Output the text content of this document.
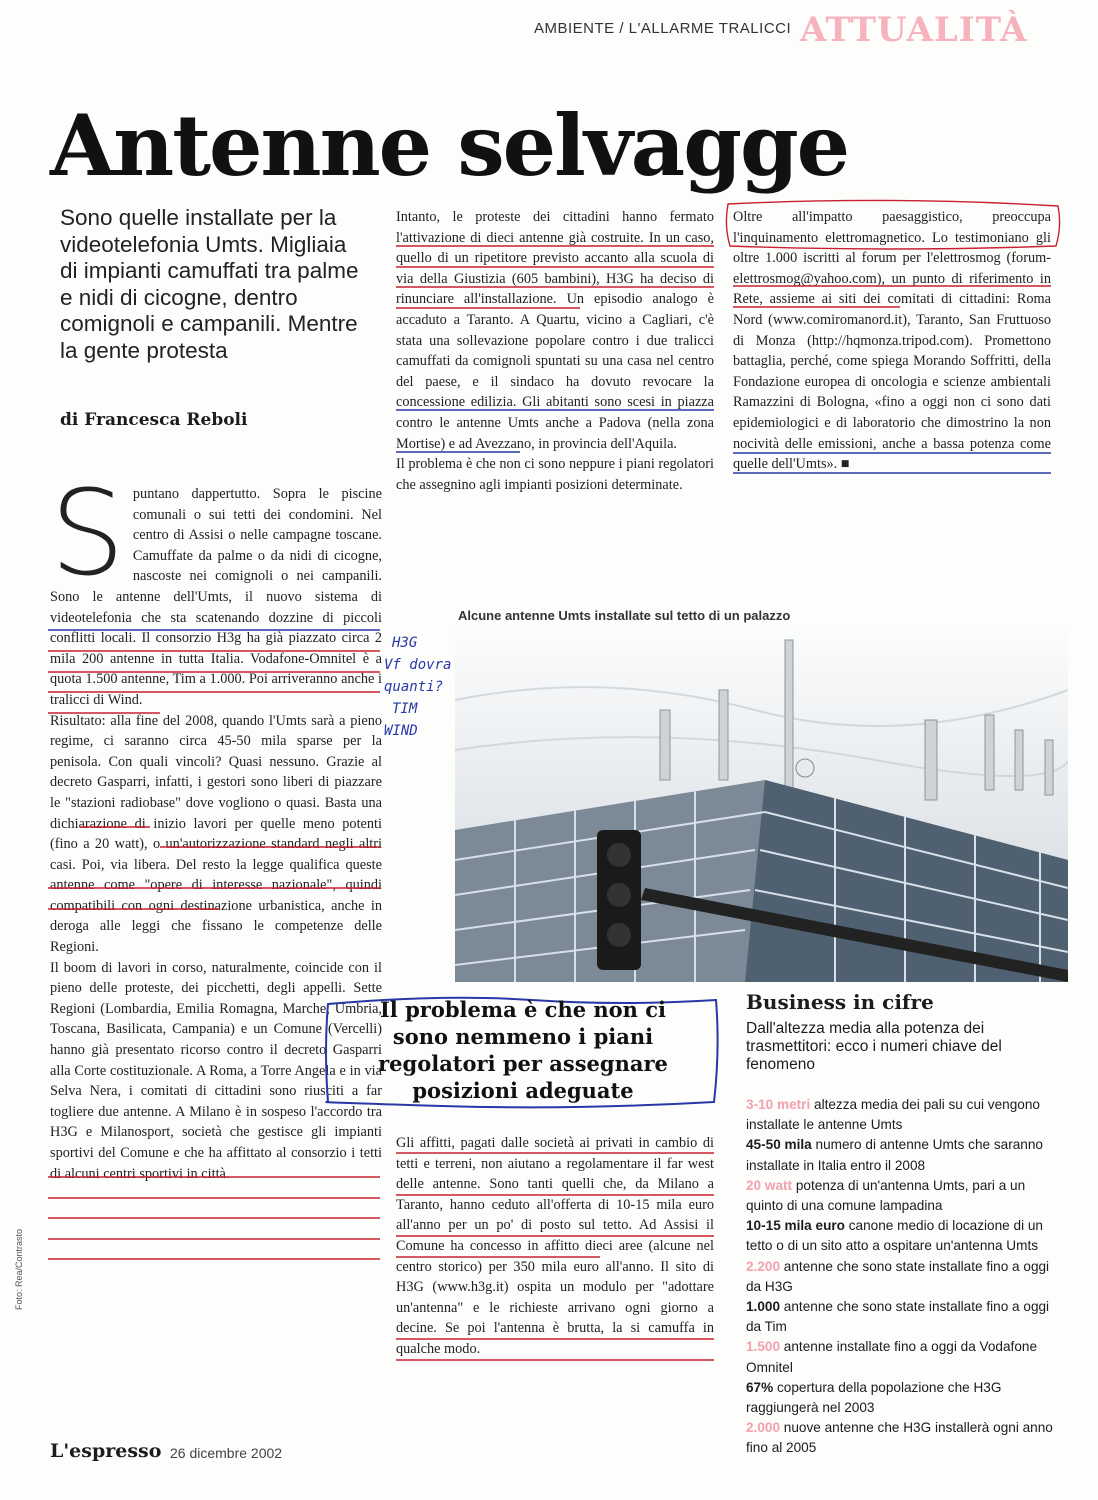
AMBIENTE / L'ALLARME TRALICCI ATTUALITÀ
Antenne selvagge

Sono quelle installate per la videotelefonia Umts. Migliaia di impianti camuffati tra palme e nidi di cicogne, dentro comignoli e campanili. Mentre la gente protesta

di Francesca Reboli

Spuntano dappertutto. Sopra le piscine comunali o sui tetti dei condomini. Nel centro di Assisi o nelle campagne toscane. Camuffate da palme o da nidi di cicogne, nascoste nei comignoli o nei campanili. Sono le antenne dell'Umts, il nuovo sistema di videotelefonia che sta scatenando dozzine di piccoli conflitti locali. Il consorzio H3g ha già piazzato circa 2 mila 200 antenne in tutta Italia. Vodafone-Omnitel è a quota 1.500 antenne, Tim a 1.000. Poi arriveranno anche i tralicci di Wind.

Risultato: alla fine del 2008, quando l'Umts sarà a pieno regime, ci saranno circa 45-50 mila sparse per la penisola. Con quali vincoli? Quasi nessuno. Grazie al decreto Gasparri, infatti, i gestori sono liberi di piazzare le "stazioni radiobase" dove vogliono o quasi. Basta una dichiarazione di inizio lavori per quelle meno potenti (fino a 20 watt), o un'autorizzazione standard negli altri casi. Poi, via libera. Del resto la legge qualifica queste antenne come "opere di interesse nazionale", quindi compatibili con ogni destinazione urbanistica, anche in deroga alle leggi che fissano le competenze delle Regioni.

Il boom di lavori in corso, naturalmente, coincide con il pieno delle proteste, dei picchetti, degli appelli. Sette Regioni (Lombardia, Emilia Romagna, Marche, Umbria, Toscana, Basilicata, Campania) e un Comune (Vercelli) hanno già presentato ricorso contro il decreto Gasparri alla Corte costituzionale. A Roma, a Torre Angela e in via Selva Nera, i comitati di cittadini sono riusciti a far togliere due antenne. A Milano è in sospeso l'accordo tra H3G e Milanosport, società che gestisce gli impianti sportivi del Comune e che ha affittato al consorzio i tetti di alcuni centri sportivi in città.

Intanto, le proteste dei cittadini hanno fermato l'attivazione di dieci antenne già costruite. In un caso, quello di un ripetitore previsto accanto alla scuola di via della Giustizia (605 bambini), H3G ha deciso di rinunciare all'installazione. Un episodio analogo è accaduto a Taranto. A Quartu, vicino a Cagliari, c'è stata una sollevazione popolare contro i due tralicci camuffati da comignoli spuntati su una casa nel centro del paese, e il sindaco ha dovuto revocare la concessione edilizia. Gli abitanti sono scesi in piazza contro le antenne Umts anche a Padova (nella zona Mortise) e ad Avezzano, in provincia dell'Aquila.

Il problema è che non ci sono neppure i piani regolatori che assegnino agli impianti posizioni determinate.

Oltre all'impatto paesaggistico, preoccupa l'inquinamento elettromagnetico. Lo testimoniano gli oltre 1.000 iscritti al forum per l'elettrosmog (forum-elettrosmog@yahoo.com), un punto di riferimento in Rete, assieme ai siti dei comitati di cittadini: Roma Nord (www.comiromanord.it), Taranto, San Fruttuoso di Monza (http://hqmonza.tripod.com). Promettono battaglia, perché, come spiega Morando Soffritti, della Fondazione europea di oncologia e scienze ambientali Ramazzini di Bologna, «fino a oggi non ci sono dati epidemiologici e di laboratorio che dimostrino la non nocività delle emissioni, anche a bassa potenza come quelle dell'Umts». ■

Alcune antenne Umts installate sul tetto di un palazzo
Il problema è che non ci
sono nemmeno i piani
regolatori per assegnare
posizioni adeguate

Gli affitti, pagati dalle società ai privati in cambio di tetti e terreni, non aiutano a regolamentare il far west delle antenne. Sono tanti quelli che, da Milano a Taranto, hanno ceduto all'offerta di 10-15 mila euro all'anno per un po' di posto sul tetto. Ad Assisi il Comune ha concesso in affitto dieci aree (alcune nel centro storico) per 350 mila euro all'anno. Il sito di H3G (www.h3g.it) ospita un modulo per "adottare un'antenna" e le richieste arrivano ogni giorno a decine. Se poi l'antenna è brutta, la si camuffa in qualche modo.

Business in cifre
Dall'altezza media alla potenza dei trasmettitori: ecco i numeri chiave del fenomeno

3-10 metri altezza media dei pali su cui vengono installate le antenne Umts

45-50 mila numero di antenne Umts che saranno installate in Italia entro il 2008

20 watt potenza di un'antenna Umts, pari a un quinto di una comune lampadina

10-15 mila euro canone medio di locazione di un tetto o di un sito atto a ospitare un'antenna Umts

2.200 antenne che sono state installate fino a oggi da H3G

1.000 antenne che sono state installate fino a oggi da Tim

1.500 antenne installate fino a oggi da Vodafone Omnitel

67% copertura della popolazione che H3G raggiungerà nel 2003

2.000 nuove antenne che H3G installerà ogni anno fino al 2005

L'espresso 26 dicembre 2002
Foto: Rea/Contrasto
H3G
Vf dovra quanti?
TIM
WIND
